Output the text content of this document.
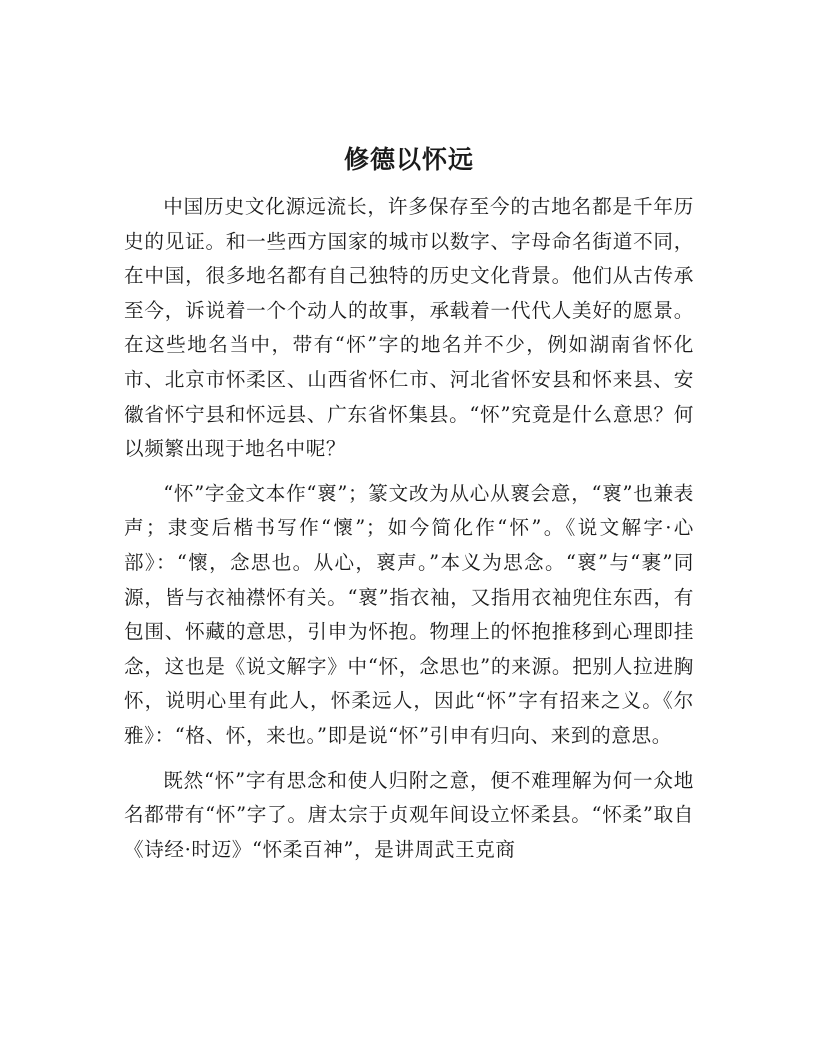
修德以怀远

中国历史文化源远流长，许多保存至今的古地名都是千年历史的见证。和一些西方国家的城市以数字、字母命名街道不同，在中国，很多地名都有自己独特的历史文化背景。他们从古传承至今，诉说着一个个动人的故事，承载着一代代人美好的愿景。在这些地名当中，带有“怀”字的地名并不少，例如湖南省怀化市、北京市怀柔区、山西省怀仁市、河北省怀安县和怀来县、安徽省怀宁县和怀远县、广东省怀集县。“怀”究竟是什么意思？何以频繁出现于地名中呢？

“怀”字金文本作“褱”；篆文改为从心从褱会意，“褱”也兼表声；隶变后楷书写作“懷”；如今简化作“怀”。《说文解字·心部》：“懷，念思也。从心，褱声。”本义为思念。“褱”与“裹”同源，皆与衣袖襟怀有关。“褱”指衣袖，又指用衣袖兜住东西，有包围、怀藏的意思，引申为怀抱。物理上的怀抱推移到心理即挂念，这也是《说文解字》中“怀，念思也”的来源。把别人拉进胸怀，说明心里有此人，怀柔远人，因此“怀”字有招来之义。《尔雅》：“格、怀，来也。”即是说“怀”引申有归向、来到的意思。

既然“怀”字有思念和使人归附之意，便不难理解为何一众地名都带有“怀”字了。唐太宗于贞观年间设立怀柔县。“怀柔”取自《诗经·时迈》“怀柔百神”，是讲周武王克商
